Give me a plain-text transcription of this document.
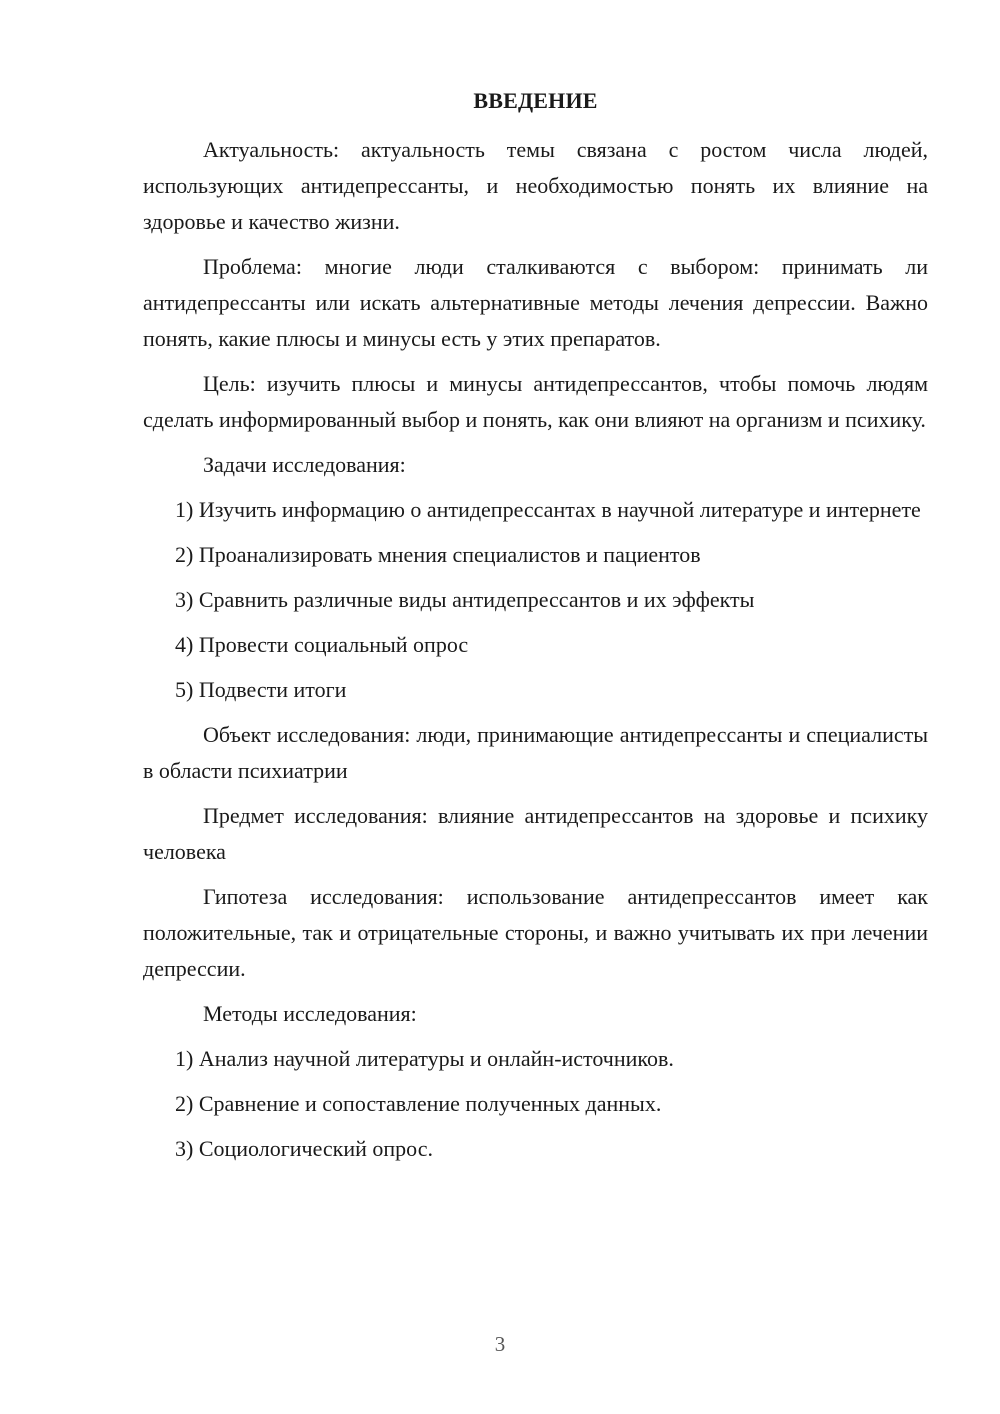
ВВЕДЕНИЕ

Актуальность: актуальность темы связана с ростом числа людей, использующих антидепрессанты, и необходимостью понять их влияние на здоровье и качество жизни.

Проблема: многие люди сталкиваются с выбором: принимать ли антидепрессанты или искать альтернативные методы лечения депрессии. Важно понять, какие плюсы и минусы есть у этих препаратов.

Цель: изучить плюсы и минусы антидепрессантов, чтобы помочь людям сделать информированный выбор и понять, как они влияют на организм и психику.

Задачи исследования:

1) Изучить информацию о антидепрессантах в научной литературе и интернете

2) Проанализировать мнения специалистов и пациентов

3) Сравнить различные виды антидепрессантов и их эффекты

4) Провести социальный опрос

5) Подвести итоги

Объект исследования: люди, принимающие антидепрессанты и специалисты в области психиатрии

Предмет исследования: влияние антидепрессантов на здоровье и психику человека

Гипотеза исследования: использование антидепрессантов имеет как положительные, так и отрицательные стороны, и важно учитывать их при лечении депрессии.

Методы исследования:

1) Анализ научной литературы и онлайн-источников.

2) Сравнение и сопоставление полученных данных.

3) Социологический опрос.

3
